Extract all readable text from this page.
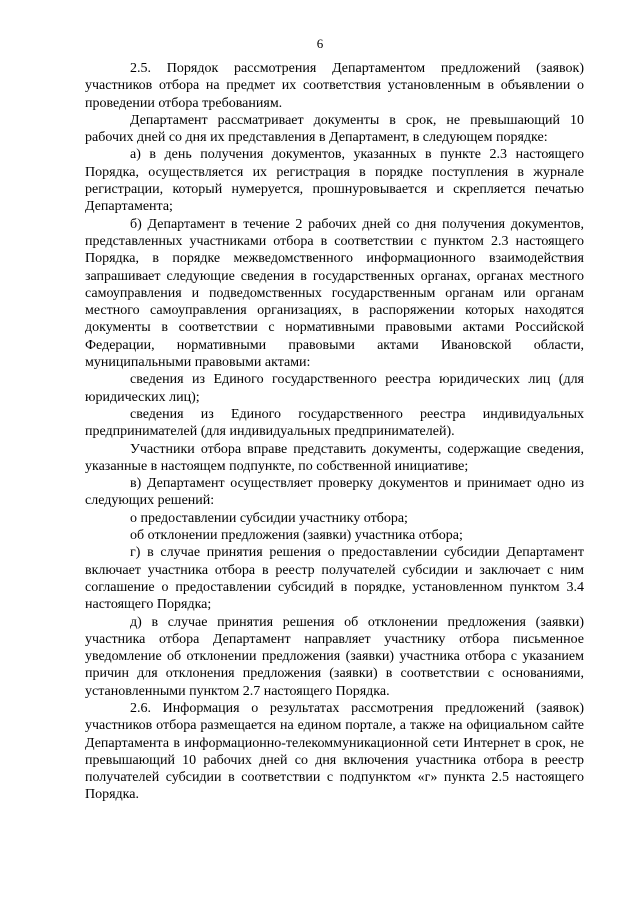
6

2.5. Порядок рассмотрения Департаментом предложений (заявок) участников отбора на предмет их соответствия установленным в объявлении о проведении отбора требованиям.

Департамент рассматривает документы в срок, не превышающий 10 рабочих дней со дня их представления в Департамент, в следующем порядке:

а) в день получения документов, указанных в пункте 2.3 настоящего Порядка, осуществляется их регистрация в порядке поступления в журнале регистрации, который нумеруется, прошнуровывается и скрепляется печатью Департамента;

б) Департамент в течение 2 рабочих дней со дня получения документов, представленных участниками отбора в соответствии с пунктом 2.3 настоящего Порядка, в порядке межведомственного информационного взаимодействия запрашивает следующие сведения в государственных органах, органах местного самоуправления и подведомственных государственным органам или органам местного самоуправления организациях, в распоряжении которых находятся документы в соответствии с нормативными правовыми актами Российской Федерации, нормативными правовыми актами Ивановской области, муниципальными правовыми актами:

сведения из Единого государственного реестра юридических лиц (для юридических лиц);

сведения из Единого государственного реестра индивидуальных предпринимателей (для индивидуальных предпринимателей).

Участники отбора вправе представить документы, содержащие сведения, указанные в настоящем подпункте, по собственной инициативе;

в) Департамент осуществляет проверку документов и принимает одно из следующих решений:

о предоставлении субсидии участнику отбора;

об отклонении предложения (заявки) участника отбора;

г) в случае принятия решения о предоставлении субсидии Департамент включает участника отбора в реестр получателей субсидии и заключает с ним соглашение о предоставлении субсидий в порядке, установленном пунктом 3.4 настоящего Порядка;

д) в случае принятия решения об отклонении предложения (заявки) участника отбора Департамент направляет участнику отбора письменное уведомление об отклонении предложения (заявки) участника отбора с указанием причин для отклонения предложения (заявки) в соответствии с основаниями, установленными пунктом 2.7 настоящего Порядка.

2.6. Информация о результатах рассмотрения предложений (заявок) участников отбора размещается на едином портале, а также на официальном сайте Департамента в информационно-телекоммуникационной сети Интернет в срок, не превышающий 10 рабочих дней со дня включения участника отбора в реестр получателей субсидии в соответствии с подпунктом «г» пункта 2.5 настоящего Порядка.
